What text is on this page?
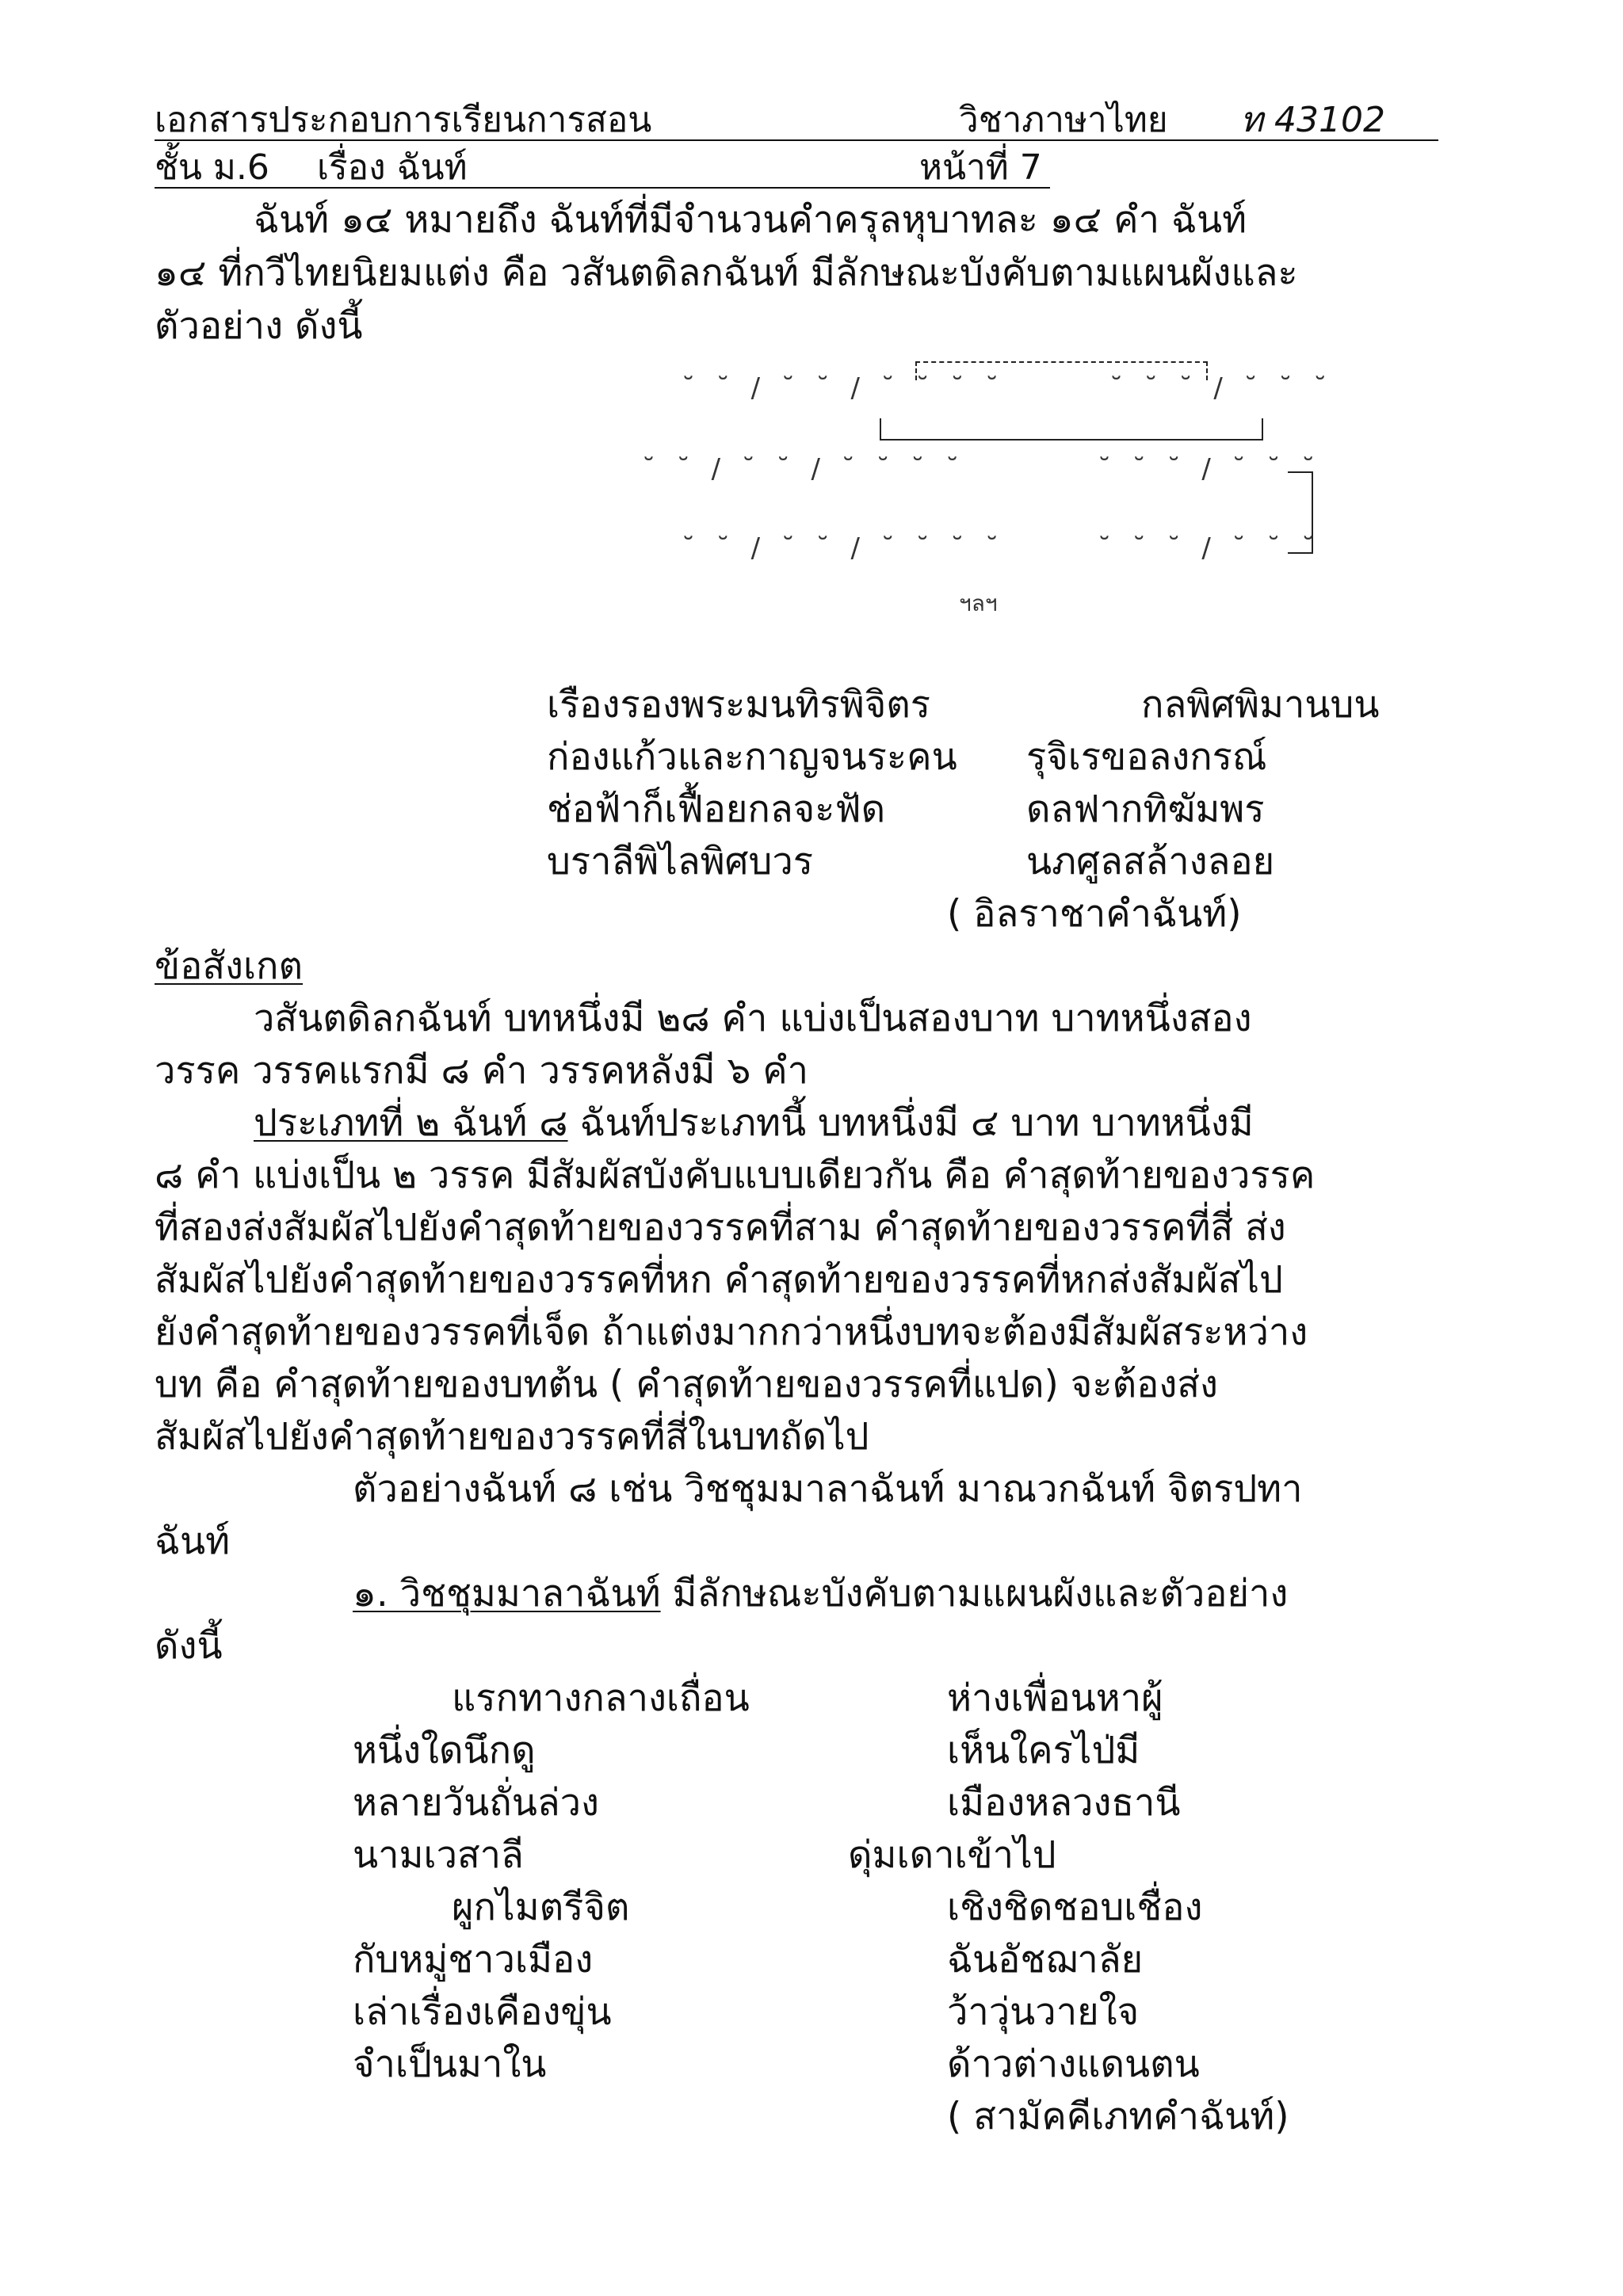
เอกสารประกอบการเรียนการสอน	วิชาภาษาไทย ท 43102
ชั้น ม.6 เรื่อง ฉันท์	หน้าที่ 7
ฉันท์ ๑๔ หมายถึง ฉันท์ที่มีจำนวนคำครุลหุบาทละ ๑๔ คำ ฉันท์
๑๔ ที่กวีไทยนิยมแต่ง คือ วสันตดิลกฉันท์ มีลักษณะบังคับตามแผนผังและ
ตัวอย่าง ดังนี้
˘ ˘ / ˘ ˘ / ˘ ˘ ˘ ˘	˘ ˘ ˘ / ˘ ˘ ˘
˘ ˘ / ˘ ˘ / ˘ ˘ ˘ ˘	˘ ˘ ˘ / ˘ ˘ ˘
˘ ˘ / ˘ ˘ / ˘ ˘ ˘ ˘	˘ ˘ ˘ / ˘ ˘ ˘
ฯลฯ
เรืองรองพระมนทิรพิจิตร	กลพิศพิมานบน
ก่องแก้วและกาญจนระคน รุจิเรขอลงกรณ์
ช่อฟ้าก็เฟื้อยกลจะฟัด	ดลฟากทิฆัมพร
บราลีพิไลพิศบวร	นภศูลสล้างลอย
( อิลราชาคำฉันท์)
ข้อสังเกต
วสันตดิลกฉันท์ บทหนึ่งมี ๒๘ คำ แบ่งเป็นสองบาท บาทหนึ่งสอง
วรรค วรรคแรกมี ๘ คำ วรรคหลังมี ๖ คำ
ประเภทที่ ๒ ฉันท์ ๘ ฉันท์ประเภทนี้ บทหนึ่งมี ๔ บาท บาทหนึ่งมี
๘ คำ แบ่งเป็น ๒ วรรค มีสัมผัสบังคับแบบเดียวกัน คือ คำสุดท้ายของวรรค
ที่สองส่งสัมผัสไปยังคำสุดท้ายของวรรคที่สาม คำสุดท้ายของวรรคที่สี่ ส่ง
สัมผัสไปยังคำสุดท้ายของวรรคที่หก คำสุดท้ายของวรรคที่หกส่งสัมผัสไป
ยังคำสุดท้ายของวรรคที่เจ็ด ถ้าแต่งมากกว่าหนึ่งบทจะต้องมีสัมผัสระหว่าง
บท คือ คำสุดท้ายของบทต้น ( คำสุดท้ายของวรรคที่แปด) จะต้องส่ง
สัมผัสไปยังคำสุดท้ายของวรรคที่สี่ในบทถัดไป
ตัวอย่างฉันท์ ๘ เช่น วิชชุมมาลาฉันท์ มาณวกฉันท์ จิตรปทา
ฉันท์
๑. วิชชุมมาลาฉันท์ มีลักษณะบังคับตามแผนผังและตัวอย่าง
ดังนี้
แรกทางกลางเถื่อน	ห่างเพื่อนหาผู้
หนึ่งใดนึกดู	เห็นใครไป่มี
หลายวันถั่นล่วง	เมืองหลวงธานี
นามเวสาลี	ดุ่มเดาเข้าไป
ผูกไมตรีจิต	เชิงชิดชอบเชื่อง
กับหมู่ชาวเมือง	ฉันอัชฌาลัย
เล่าเรื่องเคืองขุ่น	ว้าวุ่นวายใจ
จำเป็นมาใน	ด้าวต่างแดนตน
( สามัคคีเภทคำฉันท์)
